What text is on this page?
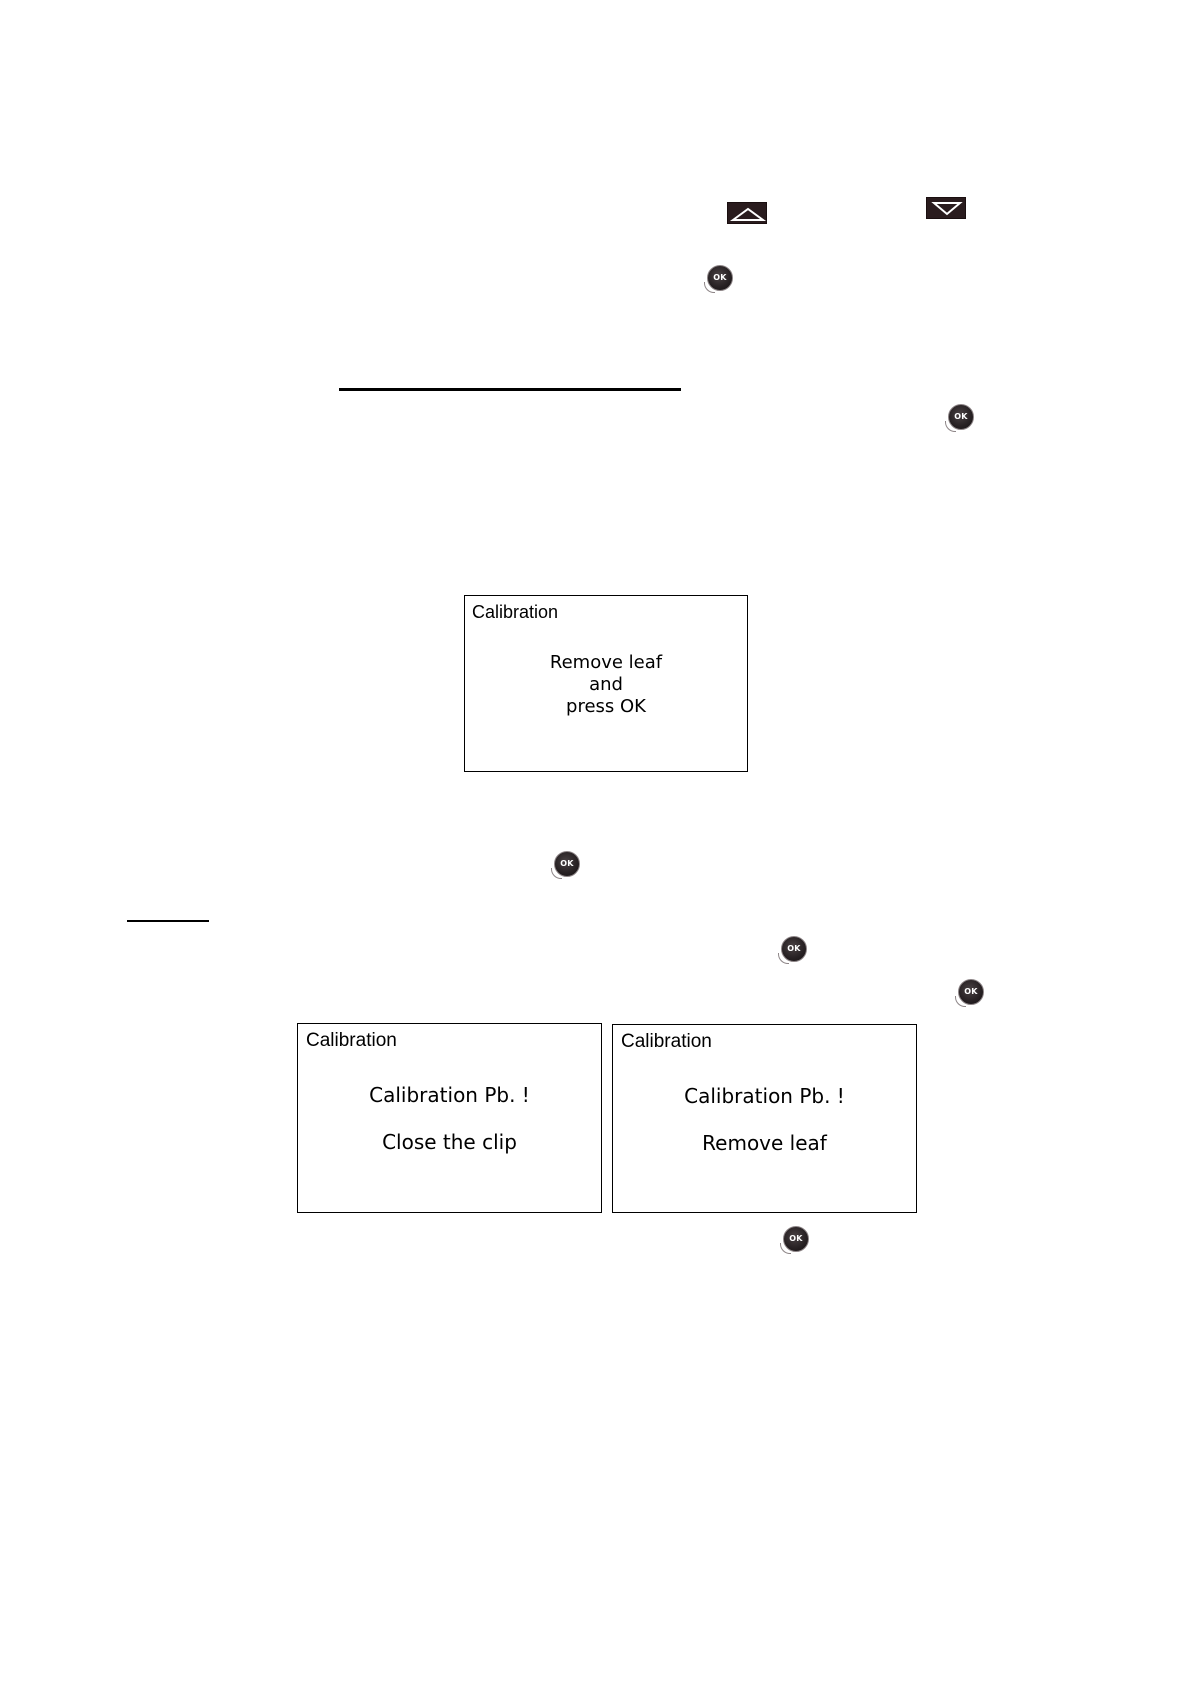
OK
OK
Calibration
Remove leaf
and
press OK
OK
OK
OK
Calibration
Calibration Pb. !
Close the clip
Calibration
Calibration Pb. !
Remove leaf
OK
